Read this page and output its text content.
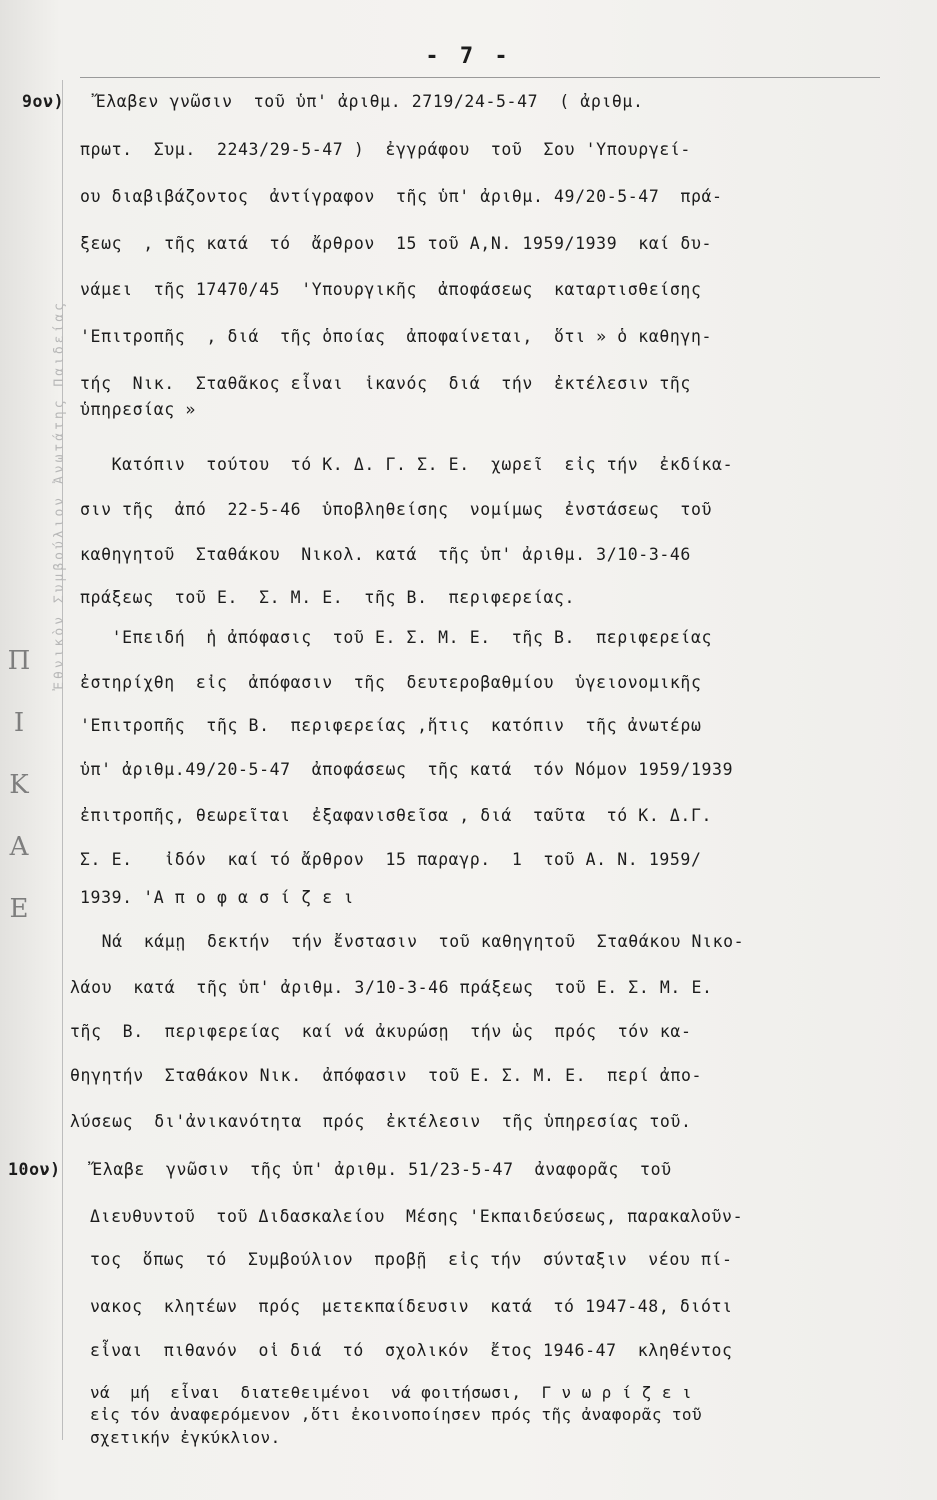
- 7 -
Ἐθνικὸν Συμβούλιον Ἀνωτάτης Παιδείας
Π
Ι
Κ
Α
Ε
9ον)   Ἔλαβεν γνῶσιν  τοῦ ὑπ' ἀριθμ. 2719/24-5-47  ( ἀριθμ.
πρωτ.  Συμ.  2243/29-5-47 )  ἐγγράφου  τοῦ  Σου 'Υπουργεί-
ου διαβιβάζοντος  ἀντίγραφον  τῆς ὑπ' ἀριθμ. 49/20-5-47  πρά-
ξεως  , τῆς κατά  τό  ἄρθρον  15 τοῦ Α,Ν. 1959/1939  καί δυ-
νάμει  τῆς 17470/45  'Υπουργικῆς  ἀποφάσεως  καταρτισθείσης
'Επιτροπῆς  , διά  τῆς ὁποίας  ἀποφαίνεται,  ὅτι » ὁ καθηγη-
τής  Νικ.  Σταθᾶκος εἶναι  ἱκανός  διά  τήν  ἐκτέλεσιν τῆς
ὑπηρεσίας »
Κατόπιν  τούτου  τό Κ. Δ. Γ. Σ. Ε.  χωρεῖ  εἰς τήν  ἐκδίκα-
σιν τῆς  ἀπό  22-5-46  ὑποβληθείσης  νομίμως  ἐνστάσεως  τοῦ
καθηγητοῦ  Σταθάκου  Νικολ. κατά  τῆς ὑπ' ἀριθμ. 3/10-3-46
πράξεως  τοῦ Ε.  Σ. Μ. Ε.  τῆς Β.  περιφερείας.
'Επειδή  ἡ ἀπόφασις  τοῦ Ε. Σ. Μ. Ε.  τῆς Β.  περιφερείας
ἐστηρίχθη  εἰς  ἀπόφασιν  τῆς  δευτεροβαθμίου  ὑγειονομικῆς
'Επιτροπῆς  τῆς Β.  περιφερείας ,ἥτις  κατόπιν  τῆς ἀνωτέρω
ὑπ' ἀριθμ.49/20-5-47  ἀποφάσεως  τῆς κατά  τόν Νόμον 1959/1939
ἐπιτροπῆς, θεωρεῖται  ἐξαφανισθεῖσα , διά  ταῦτα  τό Κ. Δ.Γ.
Σ. Ε.   ἰδόν  καί τό ἄρθρον  15 παραγρ.  1  τοῦ Α. Ν. 1959/
1939. 'Α π ο φ α σ ί ζ ε ι
Νά  κάμῃ  δεκτήν  τήν ἔνστασιν  τοῦ καθηγητοῦ  Σταθάκου Νικο-
λάου  κατά  τῆς ὑπ' ἀριθμ. 3/10-3-46 πράξεως  τοῦ Ε. Σ. Μ. Ε.
τῆς  Β.  περιφερείας  καί νά ἀκυρώσῃ  τήν ὡς  πρός  τόν κα-
θηγητήν  Σταθάκον Νικ.  ἀπόφασιν  τοῦ Ε. Σ. Μ. Ε.  περί ἀπο-
λύσεως  δι'ἀνικανότητα  πρός  ἐκτέλεσιν  τῆς ὑπηρεσίας τοῦ.
10ον)   Ἔλαβε  γνῶσιν  τῆς ὑπ' ἀριθμ. 51/23-5-47  ἀναφορᾶς  τοῦ
Διευθυντοῦ  τοῦ Διδασκαλείου  Μέσης 'Εκπαιδεύσεως, παρακαλοῦν-
τος  ὅπως  τό  Συμβούλιον  προβῇ  εἰς τήν  σύνταξιν  νέου πί-
νακος  κλητέων  πρός  μετεκπαίδευσιν  κατά  τό 1947-48, διότι
εἶναι  πιθανόν  οἱ διά  τό  σχολικόν  ἔτος 1946-47  κληθέντος
νά  μή  εἶναι  διατεθειμένοι  νά φοιτήσωσι,  Γ ν ω ρ ί ζ ε ι
εἰς τόν ἀναφερόμενον ,ὅτι ἐκοινοποίησεν πρός τῆς ἀναφορᾶς τοῦ
σχετικήν ἐγκύκλιον.
